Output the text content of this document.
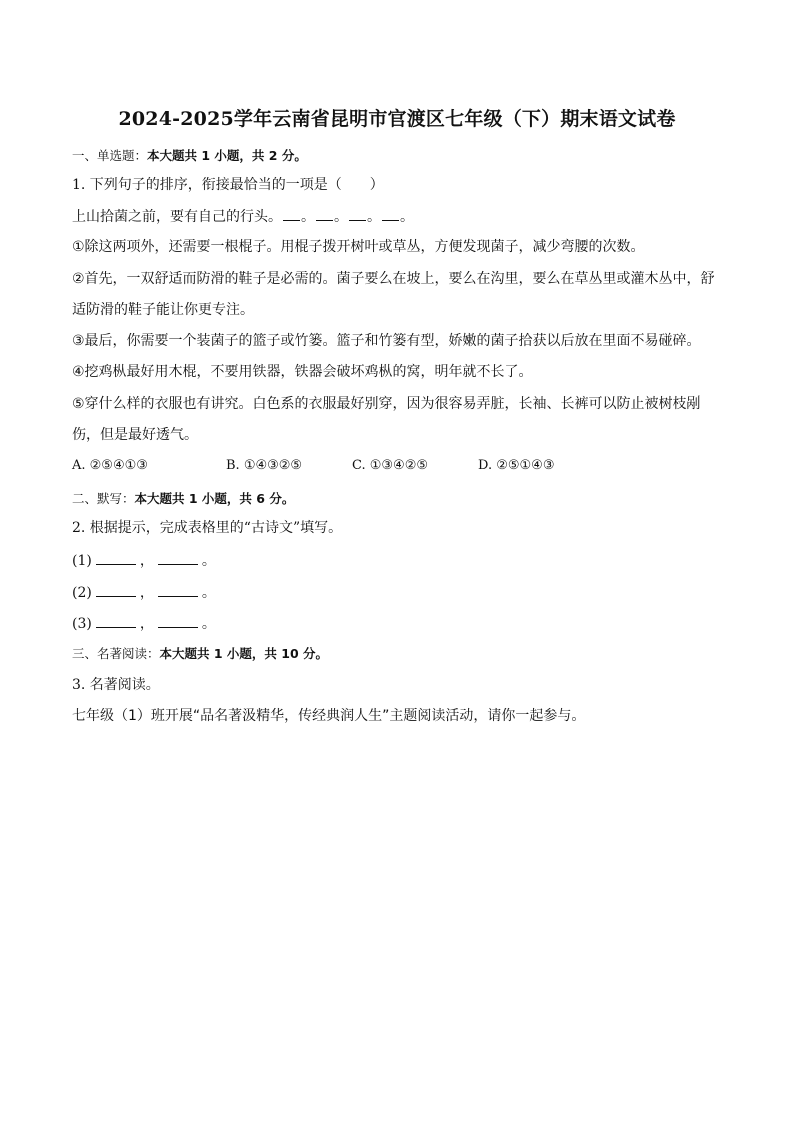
2024-2025学年云南省昆明市官渡区七年级（下）期末语文试卷
一、单选题：本大题共 1 小题，共 2 分。
1. 下列句子的排序，衔接最恰当的一项是（　　）
上山拾菌之前，要有自己的行头。 。 。 。 。
①除这两项外，还需要一根棍子。用棍子拨开树叶或草丛，方便发现菌子，减少弯腰的次数。
②首先，一双舒适而防滑的鞋子是必需的。菌子要么在坡上，要么在沟里，要么在草丛里或灌木丛中，舒
适防滑的鞋子能让你更专注。
③最后，你需要一个装菌子的篮子或竹篓。篮子和竹篓有型，娇嫩的菌子拾获以后放在里面不易碰碎。
④挖鸡枞最好用木棍，不要用铁器，铁器会破坏鸡枞的窝，明年就不长了。
⑤穿什么样的衣服也有讲究。白色系的衣服最好别穿，因为很容易弄脏，长袖、长裤可以防止被树枝剐
伤，但是最好透气。
A. ②⑤④①③	B. ①④③②⑤	C. ①③④②⑤	D. ②⑤①④③
二、默写：本大题共 1 小题，共 6 分。
2. 根据提示，完成表格里的“古诗文”填写。
(1)	，	。
(2)	，	。
(3)	，	。
三、名著阅读：本大题共 1 小题，共 10 分。
3. 名著阅读。
七年级（1）班开展“品名著汲精华，传经典润人生”主题阅读活动，请你一起参与。
